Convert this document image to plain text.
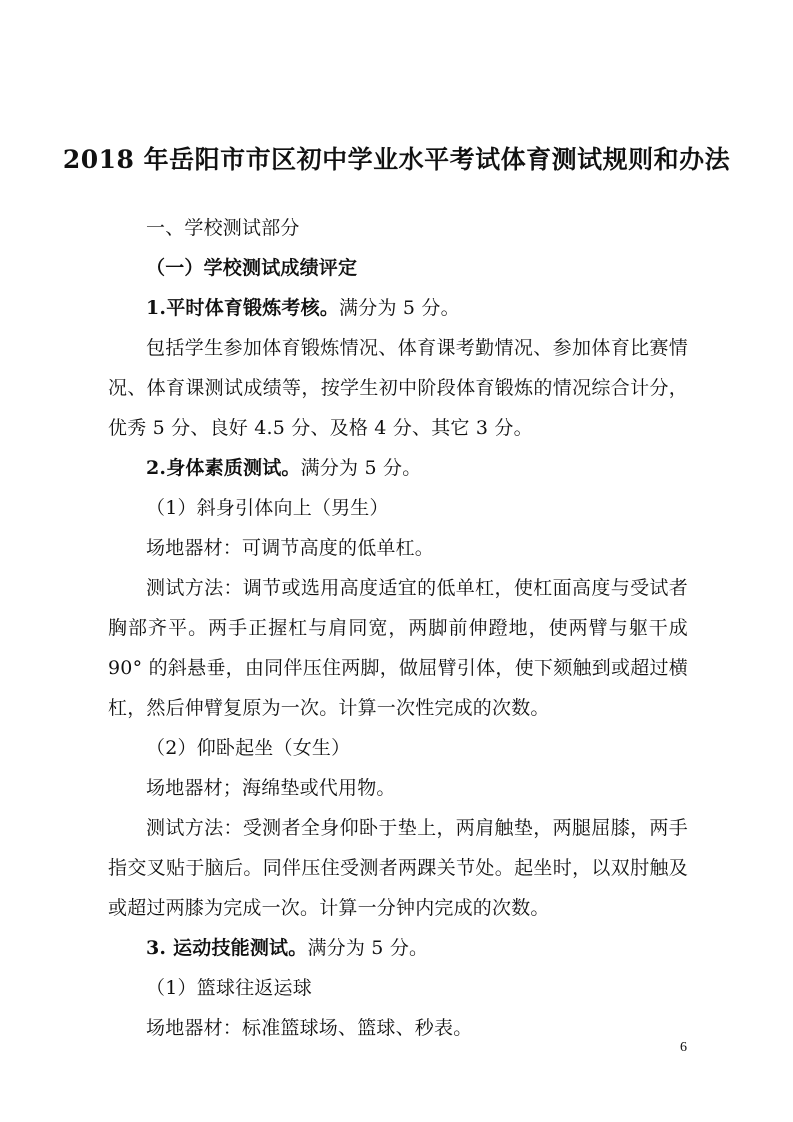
2018 年岳阳市市区初中学业水平考试体育测试规则和办法

一、学校测试部分

（一）学校测试成绩评定

1.平时体育锻炼考核。满分为 5 分。

包括学生参加体育锻炼情况、体育课考勤情况、参加体育比赛情况、体育课测试成绩等，按学生初中阶段体育锻炼的情况综合计分，优秀 5 分、良好 4.5 分、及格 4 分、其它 3 分。

2.身体素质测试。满分为 5 分。

（1）斜身引体向上（男生）

场地器材：可调节高度的低单杠。

测试方法：调节或选用高度适宜的低单杠，使杠面高度与受试者胸部齐平。两手正握杠与肩同宽，两脚前伸蹬地，使两臂与躯干成 90° 的斜悬垂，由同伴压住两脚，做屈臂引体，使下颏触到或超过横杠，然后伸臂复原为一次。计算一次性完成的次数。

（2）仰卧起坐（女生）

场地器材；海绵垫或代用物。

测试方法：受测者全身仰卧于垫上，两肩触垫，两腿屈膝，两手指交叉贴于脑后。同伴压住受测者两踝关节处。起坐时，以双肘触及或超过两膝为完成一次。计算一分钟内完成的次数。

3. 运动技能测试。满分为 5 分。

（1）篮球往返运球

场地器材：标准篮球场、篮球、秒表。

6
